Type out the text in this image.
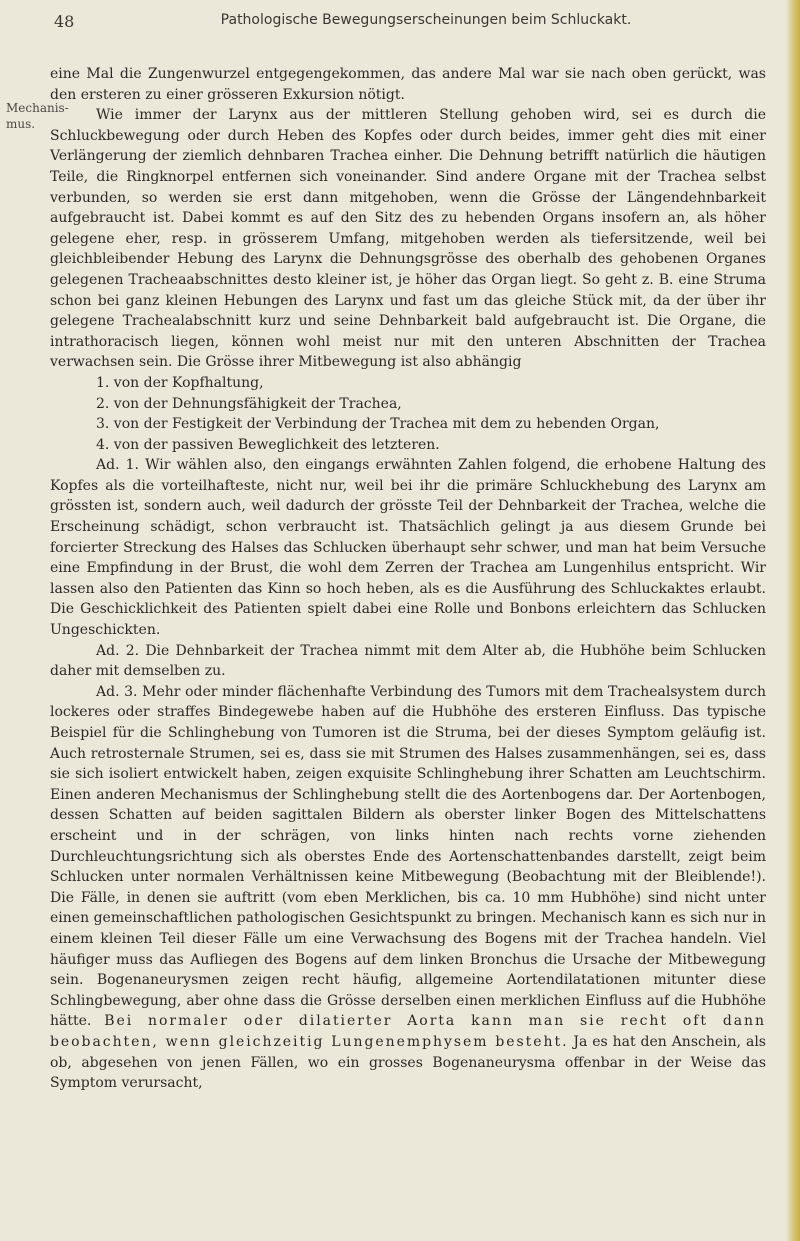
48	Pathologische Bewegungserscheinungen beim Schluckakt.
Mechanis-
mus.

eine Mal die Zungenwurzel entgegengekommen, das andere Mal war sie nach oben gerückt, was den ersteren zu einer grösseren Exkursion nötigt.

Wie immer der Larynx aus der mittleren Stellung gehoben wird, sei es durch die Schluckbewegung oder durch Heben des Kopfes oder durch beides, immer geht dies mit einer Verlängerung der ziemlich dehnbaren Trachea einher. Die Dehnung betrifft natürlich die häutigen Teile, die Ringknorpel entfernen sich voneinander. Sind andere Organe mit der Trachea selbst verbunden, so werden sie erst dann mitgehoben, wenn die Grösse der Längendehnbarkeit aufgebraucht ist. Dabei kommt es auf den Sitz des zu hebenden Organs insofern an, als höher gelegene eher, resp. in grösserem Umfang, mitgehoben werden als tiefersitzende, weil bei gleichbleibender Hebung des Larynx die Dehnungsgrösse des oberhalb des gehobenen Organes gelegenen Tracheaabschnittes desto kleiner ist, je höher das Organ liegt. So geht z. B. eine Struma schon bei ganz kleinen Hebungen des Larynx und fast um das gleiche Stück mit, da der über ihr gelegene Trachealabschnitt kurz und seine Dehnbarkeit bald aufgebraucht ist. Die Organe, die intrathoracisch liegen, können wohl meist nur mit den unteren Abschnitten der Trachea verwachsen sein. Die Grösse ihrer Mitbewegung ist also abhängig

1. von der Kopfhaltung,
2. von der Dehnungsfähigkeit der Trachea,
3. von der Festigkeit der Verbindung der Trachea mit dem zu hebenden Organ,
4. von der passiven Beweglichkeit des letzteren.

Ad. 1. Wir wählen also, den eingangs erwähnten Zahlen folgend, die erhobene Haltung des Kopfes als die vorteilhafteste, nicht nur, weil bei ihr die primäre Schluckhebung des Larynx am grössten ist, sondern auch, weil dadurch der grösste Teil der Dehnbarkeit der Trachea, welche die Erscheinung schädigt, schon verbraucht ist. Thatsächlich gelingt ja aus diesem Grunde bei forcierter Streckung des Halses das Schlucken überhaupt sehr schwer, und man hat beim Versuche eine Empfindung in der Brust, die wohl dem Zerren der Trachea am Lungenhilus entspricht. Wir lassen also den Patienten das Kinn so hoch heben, als es die Ausführung des Schluckaktes erlaubt. Die Geschicklichkeit des Patienten spielt dabei eine Rolle und Bonbons erleichtern das Schlucken Ungeschickten.

Ad. 2. Die Dehnbarkeit der Trachea nimmt mit dem Alter ab, die Hubhöhe beim Schlucken daher mit demselben zu.

Ad. 3. Mehr oder minder flächenhafte Verbindung des Tumors mit dem Trachealsystem durch lockeres oder straffes Bindegewebe haben auf die Hubhöhe des ersteren Einfluss. Das typische Beispiel für die Schlinghebung von Tumoren ist die Struma, bei der dieses Symptom geläufig ist. Auch retrosternale Strumen, sei es, dass sie mit Strumen des Halses zusammenhängen, sei es, dass sie sich isoliert entwickelt haben, zeigen exquisite Schlinghebung ihrer Schatten am Leuchtschirm. Einen anderen Mechanismus der Schlinghebung stellt die des Aortenbogens dar. Der Aortenbogen, dessen Schatten auf beiden sagittalen Bildern als oberster linker Bogen des Mittelschattens erscheint und in der schrägen, von links hinten nach rechts vorne ziehenden Durchleuchtungsrichtung sich als oberstes Ende des Aortenschattenbandes darstellt, zeigt beim Schlucken unter normalen Verhältnissen keine Mitbewegung (Beobachtung mit der Bleiblende!). Die Fälle, in denen sie auftritt (vom eben Merklichen, bis ca. 10 mm Hubhöhe) sind nicht unter einen gemeinschaftlichen pathologischen Gesichtspunkt zu bringen. Mechanisch kann es sich nur in einem kleinen Teil dieser Fälle um eine Verwachsung des Bogens mit der Trachea handeln. Viel häufiger muss das Aufliegen des Bogens auf dem linken Bronchus die Ursache der Mitbewegung sein. Bogenaneurysmen zeigen recht häufig, allgemeine Aortendilatationen mitunter diese Schlingbewegung, aber ohne dass die Grösse derselben einen merklichen Einfluss auf die Hubhöhe hätte. Bei normaler oder dilatierter Aorta kann man sie recht oft dann beobachten, wenn gleichzeitig Lungenemphysem besteht. Ja es hat den Anschein, als ob, abgesehen von jenen Fällen, wo ein grosses Bogenaneurysma offenbar in der Weise das Symptom verursacht,
